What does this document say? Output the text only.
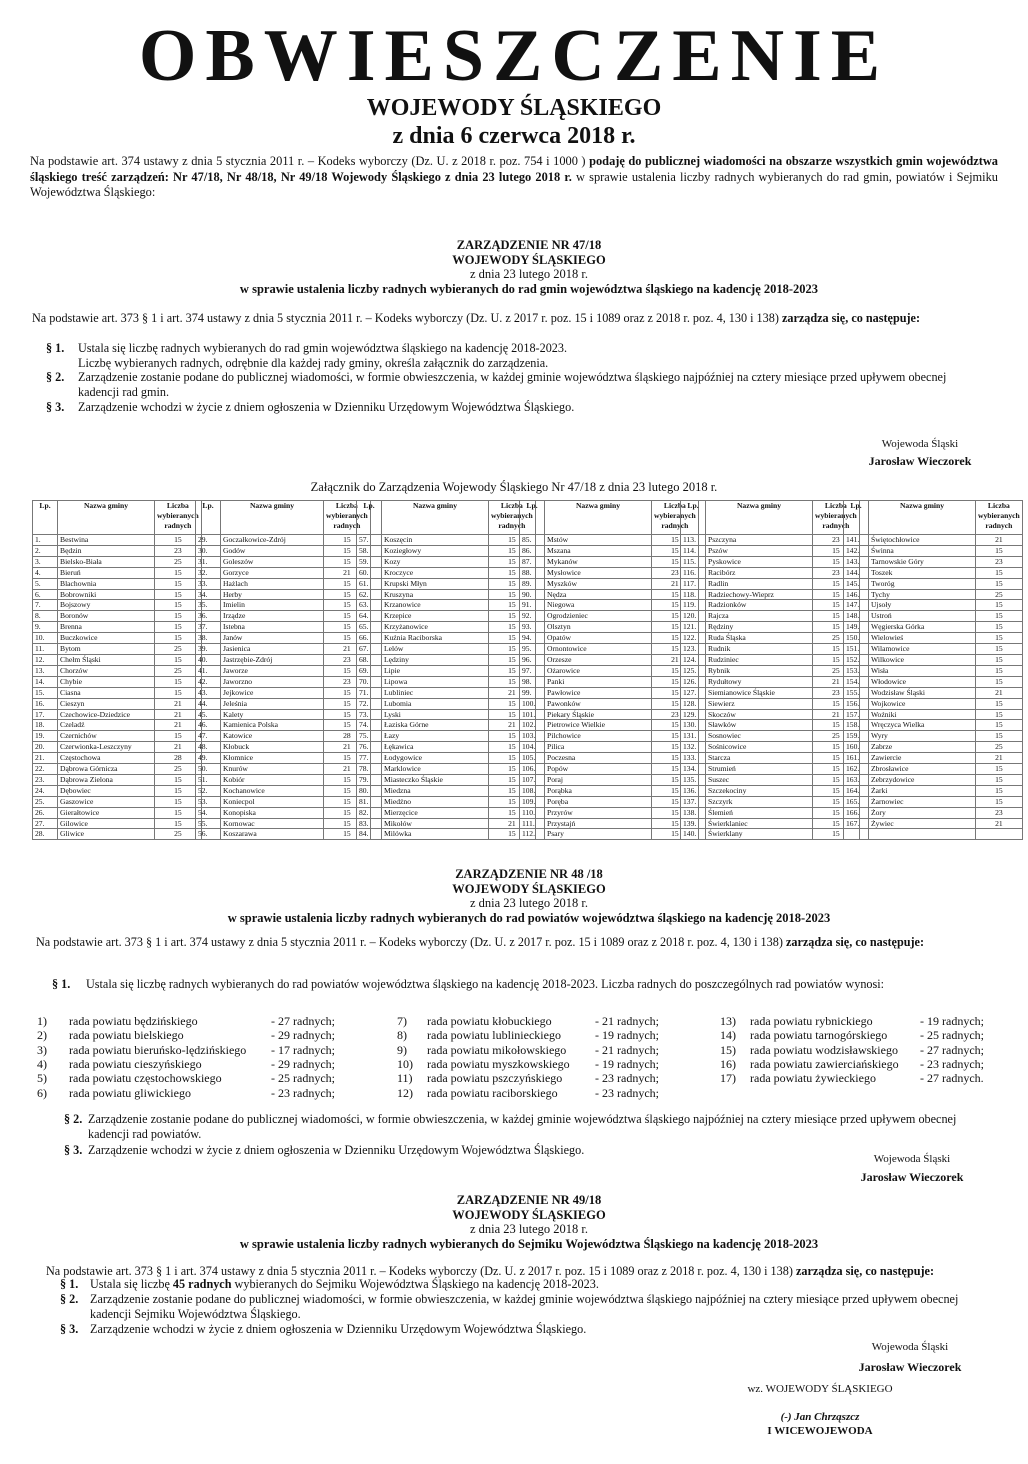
OBWIESZCZENIE
WOJEWODY ŚLĄSKIEGO
z dnia 6 czerwca 2018 r.
Na podstawie art. 374 ustawy z dnia 5 stycznia 2011 r. – Kodeks wyborczy (Dz. U. z 2018 r. poz. 754 i 1000 ) podaję do publicznej wiadomości na obszarze wszystkich gmin województwa śląskiego treść zarządzeń: Nr 47/18, Nr 48/18, Nr 49/18 Wojewody Śląskiego z dnia 23 lutego 2018 r. w sprawie ustalenia liczby radnych wybieranych do rad gmin, powiatów i Sejmiku Województwa Śląskiego:
ZARZĄDZENIE NR 47/18
WOJEWODY ŚLĄSKIEGO
z dnia 23 lutego 2018 r.
w sprawie ustalenia liczby radnych wybieranych do rad gmin województwa śląskiego na kadencję 2018-2023
Na podstawie art. 373 § 1 i art. 374 ustawy z dnia 5 stycznia 2011 r. – Kodeks wyborczy (Dz. U. z 2017 r. poz. 15 i 1089 oraz z 2018 r. poz. 4, 130 i 138) zarządza się, co następuje:
§ 1. Ustala się liczbę radnych wybieranych do rad gmin województwa śląskiego na kadencję 2018-2023.
Liczbę wybieranych radnych, odrębnie dla każdej rady gminy, określa załącznik do zarządzenia.
§ 2. Zarządzenie zostanie podane do publicznej wiadomości, w formie obwieszczenia, w każdej gminie województwa śląskiego najpóźniej na cztery miesiące przed upływem obecnej kadencji rad gmin.
§ 3. Zarządzenie wchodzi w życie z dniem ogłoszenia w Dzienniku Urzędowym Województwa Śląskiego.
Wojewoda Śląski
Jarosław Wieczorek
Załącznik do Zarządzenia Wojewody Śląskiego Nr 47/18 z dnia 23 lutego 2018 r.
Lp.	Nazwa gminy	Liczba wybieranych radnych
1.	Bestwina	15
2.	Będzin	23
3.	Bielsko-Biała	25
4.	Bieruń	15
5.	Blachownia	15
6.	Bobrowniki	15
7.	Bojszowy	15
8.	Boronów	15
9.	Brenna	15
10.	Buczkowice	15
11.	Bytom	25
12.	Chełm Śląski	15
13.	Chorzów	25
14.	Chybie	15
15.	Ciasna	15
16.	Cieszyn	21
17.	Czechowice-Dziedzice	21
18.	Czeladź	21
19.	Czernichów	15
20.	Czerwionka-Leszczyny	21
21.	Częstochowa	28
22.	Dąbrowa Górnicza	25
23.	Dąbrowa Zielona	15
24.	Dębowiec	15
25.	Gaszowice	15
26.	Gierałtowice	15
27.	Gilowice	15
28.	Gliwice	25
Lp.	Nazwa gminy	Liczba wybieranych radnych
29.	Goczałkowice-Zdrój	15
30.	Godów	15
31.	Goleszów	15
32.	Gorzyce	21
33.	Hażlach	15
34.	Herby	15
35.	Imielin	15
36.	Irządze	15
37.	Istebna	15
38.	Janów	15
39.	Jasienica	21
40.	Jastrzębie-Zdrój	23
41.	Jaworze	15
42.	Jaworzno	23
43.	Jejkowice	15
44.	Jeleśnia	15
45.	Kalety	15
46.	Kamienica Polska	15
47.	Katowice	28
48.	Kłobuck	21
49.	Kłomnice	15
50.	Knurów	21
51.	Kobiór	15
52.	Kochanowice	15
53.	Koniecpol	15
54.	Konopiska	15
55.	Kornowac	15
56.	Koszarawa	15
Lp.	Nazwa gminy	Liczba wybieranych radnych
57.	Koszęcin	15
58.	Koziegłowy	15
59.	Kozy	15
60.	Kroczyce	15
61.	Krupski Młyn	15
62.	Kruszyna	15
63.	Krzanowice	15
64.	Krzepice	15
65.	Krzyżanowice	15
66.	Kuźnia Raciborska	15
67.	Lelów	15
68.	Lędziny	15
69.	Lipie	15
70.	Lipowa	15
71.	Lubliniec	21
72.	Lubomia	15
73.	Lyski	15
74.	Łaziska Górne	21
75.	Łazy	15
76.	Łękawica	15
77.	Łodygowice	15
78.	Marklowice	15
79.	Miasteczko Śląskie	15
80.	Miedzna	15
81.	Miedźno	15
82.	Mierzęcice	15
83.	Mikołów	21
84.	Milówka	15
Lp.	Nazwa gminy	Liczba wybieranych radnych
85.	Mstów	15
86.	Mszana	15
87.	Mykanów	15
88.	Mysłowice	23
89.	Myszków	21
90.	Nędza	15
91.	Niegowa	15
92.	Ogrodzieniec	15
93.	Olsztyn	15
94.	Opatów	15
95.	Ornontowice	15
96.	Orzesze	21
97.	Ożarowice	15
98.	Panki	15
99.	Pawłowice	15
100.	Pawonków	15
101.	Piekary Śląskie	23
102.	Pietrowice Wielkie	15
103.	Pilchowice	15
104.	Pilica	15
105.	Poczesna	15
106.	Popów	15
107.	Poraj	15
108.	Porąbka	15
109.	Poręba	15
110.	Przyrów	15
111.	Przystajń	15
112.	Psary	15
Lp.	Nazwa gminy	Liczba wybieranych radnych
113.	Pszczyna	23
114.	Pszów	15
115.	Pyskowice	15
116.	Racibórz	23
117.	Radlin	15
118.	Radziechowy-Wieprz	15
119.	Radzionków	15
120.	Rajcza	15
121.	Rędziny	15
122.	Ruda Śląska	25
123.	Rudnik	15
124.	Rudziniec	15
125.	Rybnik	25
126.	Rydułtowy	21
127.	Siemianowice Śląskie	23
128.	Siewierz	15
129.	Skoczów	21
130.	Sławków	15
131.	Sosnowiec	25
132.	Sośnicowice	15
133.	Starcza	15
134.	Strumień	15
135.	Suszec	15
136.	Szczekociny	15
137.	Szczyrk	15
138.	Ślemień	15
139.	Świerklaniec	15
140.	Świerklany	15
Lp.	Nazwa gminy	Liczba wybieranych radnych
141.	Świętochłowice	21
142.	Świnna	15
143.	Tarnowskie Góry	23
144.	Toszek	15
145.	Tworóg	15
146.	Tychy	25
147.	Ujsoły	15
148.	Ustroń	15
149.	Węgierska Górka	15
150.	Wielowieś	15
151.	Wilamowice	15
152.	Wilkowice	15
153.	Wisła	15
154.	Włodowice	15
155.	Wodzisław Śląski	21
156.	Wojkowice	15
157.	Woźniki	15
158.	Wręczyca Wielka	15
159.	Wyry	15
160.	Zabrze	25
161.	Zawiercie	21
162.	Zbrosławice	15
163.	Zebrzydowice	15
164.	Żarki	15
165.	Żarnowiec	15
166.	Żory	23
167.	Żywiec	21

ZARZĄDZENIE NR 48 /18
WOJEWODY ŚLĄSKIEGO
z dnia 23 lutego 2018 r.
w sprawie ustalenia liczby radnych wybieranych do rad powiatów województwa śląskiego na kadencję 2018-2023
Na podstawie art. 373 § 1 i art. 374 ustawy z dnia 5 stycznia 2011 r. – Kodeks wyborczy (Dz. U. z 2017 r. poz. 15 i 1089 oraz z 2018 r. poz. 4, 130 i 138) zarządza się, co następuje:
§ 1. Ustala się liczbę radnych wybieranych do rad powiatów województwa śląskiego na kadencję 2018-2023. Liczba radnych do poszczególnych rad powiatów wynosi:
1) rada powiatu będzińskiego	- 27 radnych;
2) rada powiatu bielskiego	- 29 radnych;
3) rada powiatu bieruńsko-lędzińskiego - 17 radnych;
4) rada powiatu cieszyńskiego	- 29 radnych;
5) rada powiatu częstochowskiego	- 25 radnych;
6) rada powiatu gliwickiego	- 23 radnych;
7) rada powiatu kłobuckiego	- 21 radnych;
8) rada powiatu lublinieckiego	- 19 radnych;
9) rada powiatu mikołowskiego - 21 radnych;
10) rada powiatu myszkowskiego - 19 radnych;
11) rada powiatu pszczyńskiego	- 23 radnych;
12) rada powiatu raciborskiego	- 23 radnych;
13) rada powiatu rybnickiego	- 19 radnych;
14) rada powiatu tarnogórskiego	- 25 radnych;
15) rada powiatu wodzisławskiego - 27 radnych;
16) rada powiatu zawierciańskiego - 23 radnych;
17) rada powiatu żywieckiego	- 27 radnych.
§ 2. Zarządzenie zostanie podane do publicznej wiadomości, w formie obwieszczenia, w każdej gminie województwa śląskiego najpóźniej na cztery miesiące przed upływem obecnej kadencji rad powiatów.
§ 3. Zarządzenie wchodzi w życie z dniem ogłoszenia w Dzienniku Urzędowym Województwa Śląskiego.
Wojewoda Śląski
Jarosław Wieczorek
ZARZĄDZENIE NR 49/18
WOJEWODY ŚLĄSKIEGO
z dnia 23 lutego 2018 r.
w sprawie ustalenia liczby radnych wybieranych do Sejmiku Województwa Śląskiego na kadencję 2018-2023
Na podstawie art. 373 § 1 i art. 374 ustawy z dnia 5 stycznia 2011 r. – Kodeks wyborczy (Dz. U. z 2017 r. poz. 15 i 1089 oraz z 2018 r. poz. 4, 130 i 138) zarządza się, co następuje:
§ 1. Ustala się liczbę 45 radnych wybieranych do Sejmiku Województwa Śląskiego na kadencję 2018-2023.
§ 2. Zarządzenie zostanie podane do publicznej wiadomości, w formie obwieszczenia, w każdej gminie województwa śląskiego najpóźniej na cztery miesiące przed upływem obecnej kadencji Sejmiku Województwa Śląskiego.
§ 3. Zarządzenie wchodzi w życie z dniem ogłoszenia w Dzienniku Urzędowym Województwa Śląskiego.
Wojewoda Śląski
Jarosław Wieczorek
wz. WOJEWODY ŚLĄSKIEGO
(-) Jan Chrząszcz
I WICEWOJEWODA
